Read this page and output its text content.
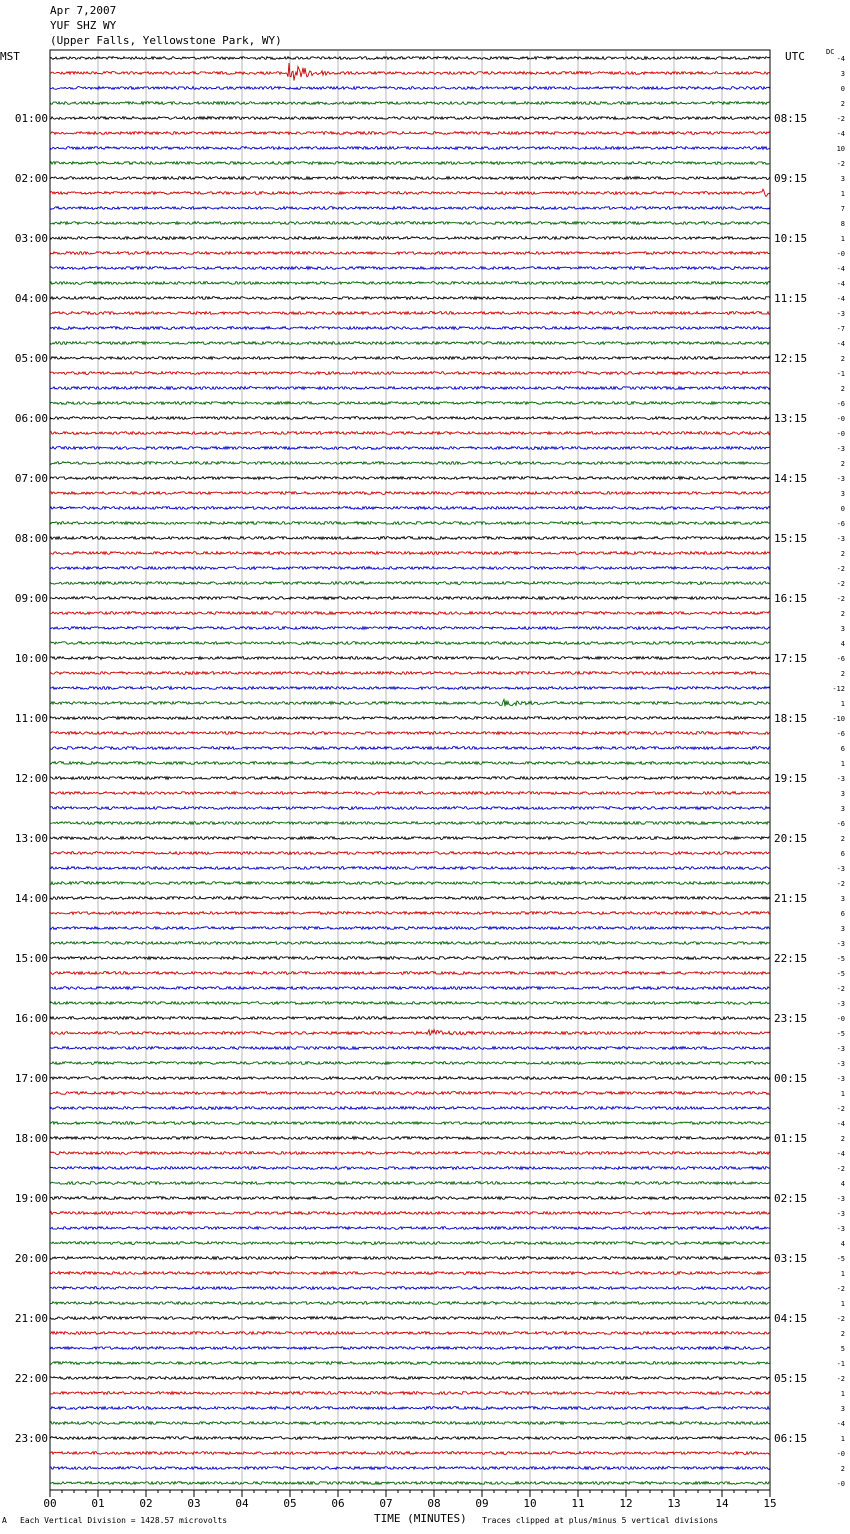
Apr 7,2007
YUF SHZ WY
(Upper Falls, Yellowstone Park, WY)
MST	UTC	DC
01:00
02:00
03:00
04:00
05:00
06:00
07:00
08:00
09:00
10:00
11:00
12:00
13:00
14:00
15:00
16:00
17:00
18:00
19:00
20:00
21:00
22:00
23:00
08:15
09:15
10:15
11:15
12:15
13:15
14:15
15:15
16:15
17:15
18:15
19:15
20:15
21:15
22:15
23:15
00:15
01:15
02:15
03:15
04:15
05:15
06:15
-4
3
0
2
-2
-4
10
-2
3
1
7
8
1
-0
-4
-4
-4
-3
-7
-4
2
-1
2
-6
-0
-0
-3
2
-3
3
0
-6
-3
2
-2
-2
-2
2
3
4
-6
2
-12
1
-10
-6
6
1
-3
3
3
-6
2
6
-3
-2
3
6
3
-3
-5
-5
-2
-3
-0
-5
-3
-3
-3
1
-2
-4
2
-4
-2
4
-3
-3
-3
4
-5
1
-2
1
-2
2
5
-1
-2
1
3
-4
1
-0
2
-0
00	01	02	03	04	05	06	07	08	09	10	11	12	13	14	15
A Each Vertical Division = 1428.57 microvolts	TIME (MINUTES) Traces clipped at plus/minus 5 vertical divisions
